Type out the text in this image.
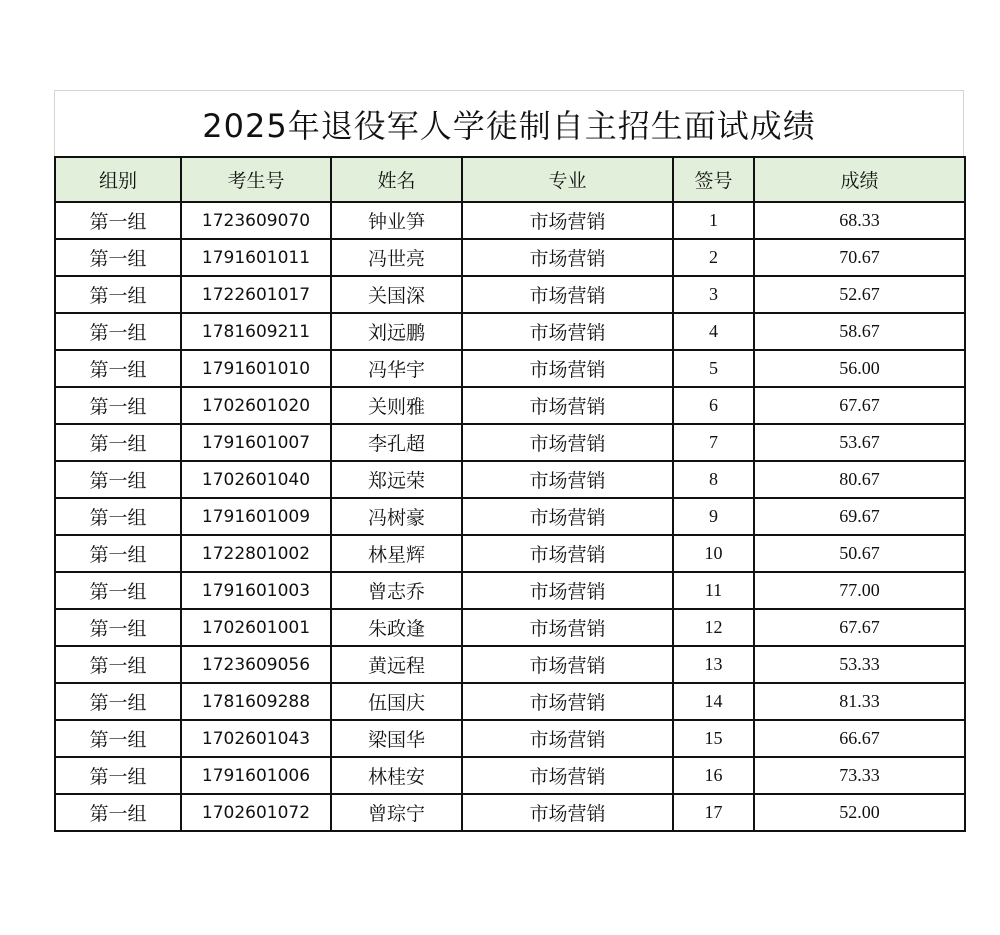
2025年退役军人学徒制自主招生面试成绩
组别	考生号	姓名	专业	签号	成绩
第一组	1723609070	钟业笋	市场营销	1	68.33
第一组	1791601011	冯世亮	市场营销	2	70.67
第一组	1722601017	关国深	市场营销	3	52.67
第一组	1781609211	刘远鹏	市场营销	4	58.67
第一组	1791601010	冯华宇	市场营销	5	56.00
第一组	1702601020	关则雅	市场营销	6	67.67
第一组	1791601007	李孔超	市场营销	7	53.67
第一组	1702601040	郑远荣	市场营销	8	80.67
第一组	1791601009	冯树豪	市场营销	9	69.67
第一组	1722801002	林星辉	市场营销	10	50.67
第一组	1791601003	曾志乔	市场营销	11	77.00
第一组	1702601001	朱政逢	市场营销	12	67.67
第一组	1723609056	黄远程	市场营销	13	53.33
第一组	1781609288	伍国庆	市场营销	14	81.33
第一组	1702601043	梁国华	市场营销	15	66.67
第一组	1791601006	林桂安	市场营销	16	73.33
第一组	1702601072	曾琮宁	市场营销	17	52.00
